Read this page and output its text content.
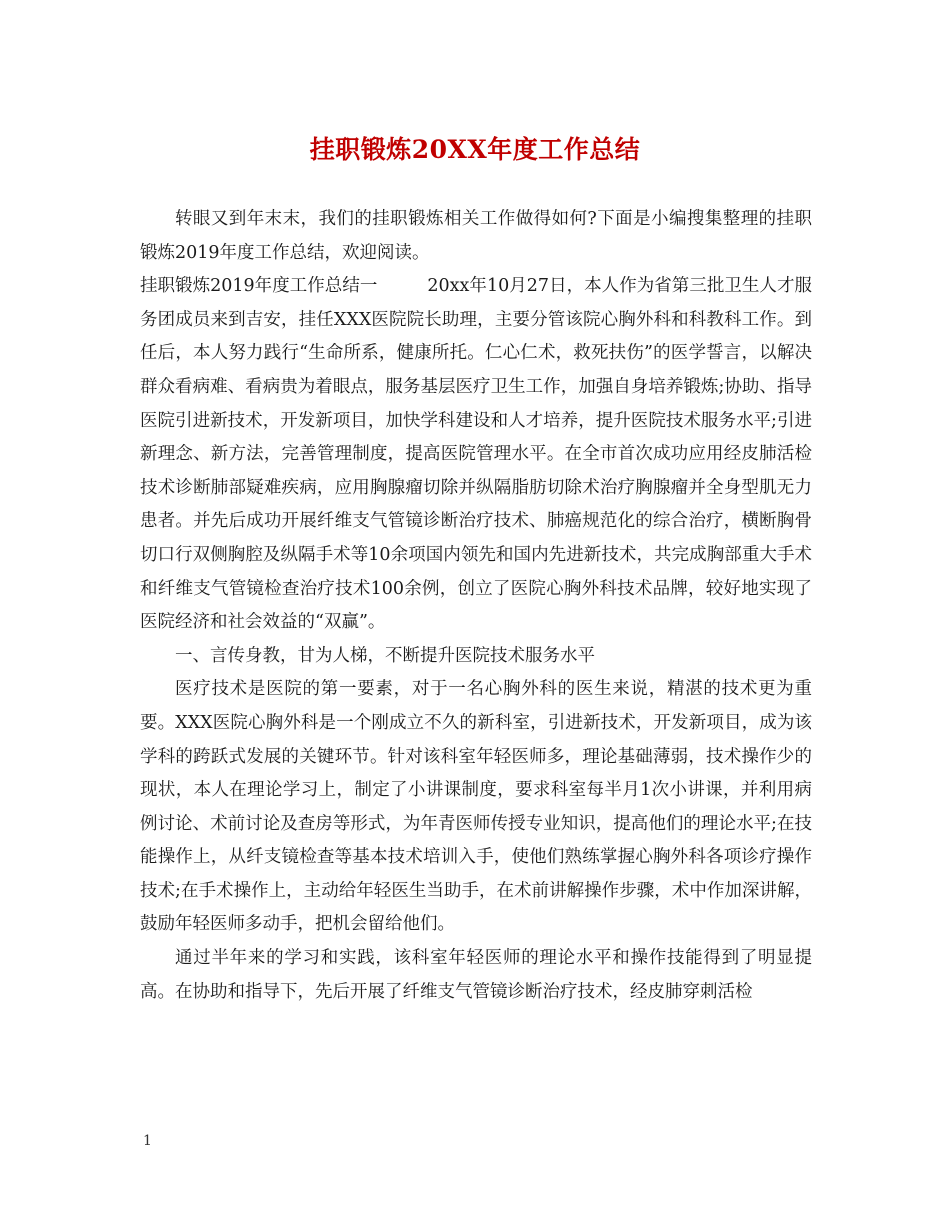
挂职锻炼20XX年度工作总结

转眼又到年末末，我们的挂职锻炼相关工作做得如何?下面是小编搜集整理的挂职锻炼2019年度工作总结，欢迎阅读。

挂职锻炼2019年度工作总结一	20xx年10月27日，本人作为省第三批卫生人才服务团成员来到吉安，挂任XXX医院院长助理，主要分管该院心胸外科和科教科工作。到任后，本人努力践行“生命所系，健康所托。仁心仁术，救死扶伤”的医学誓言，以解决群众看病难、看病贵为着眼点，服务基层医疗卫生工作，加强自身培养锻炼;协助、指导医院引进新技术，开发新项目，加快学科建设和人才培养，提升医院技术服务水平;引进新理念、新方法，完善管理制度，提高医院管理水平。在全市首次成功应用经皮肺活检技术诊断肺部疑难疾病，应用胸腺瘤切除并纵隔脂肪切除术治疗胸腺瘤并全身型肌无力患者。并先后成功开展纤维支气管镜诊断治疗技术、肺癌规范化的综合治疗，横断胸骨切口行双侧胸腔及纵隔手术等10余项国内领先和国内先进新技术，共完成胸部重大手术和纤维支气管镜检查治疗技术100余例，创立了医院心胸外科技术品牌，较好地实现了医院经济和社会效益的“双赢”。

一、言传身教，甘为人梯，不断提升医院技术服务水平

医疗技术是医院的第一要素，对于一名心胸外科的医生来说，精湛的技术更为重要。XXX医院心胸外科是一个刚成立不久的新科室，引进新技术，开发新项目，成为该学科的跨跃式发展的关键环节。针对该科室年轻医师多，理论基础薄弱，技术操作少的现状，本人在理论学习上，制定了小讲课制度，要求科室每半月1次小讲课，并利用病例讨论、术前讨论及查房等形式，为年青医师传授专业知识，提高他们的理论水平;在技能操作上，从纤支镜检查等基本技术培训入手，使他们熟练掌握心胸外科各项诊疗操作技术;在手术操作上，主动给年轻医生当助手，在术前讲解操作步骤，术中作加深讲解，鼓励年轻医师多动手，把机会留给他们。

通过半年来的学习和实践，该科室年轻医师的理论水平和操作技能得到了明显提高。在协助和指导下，先后开展了纤维支气管镜诊断治疗技术，经皮肺穿刺活检

1
